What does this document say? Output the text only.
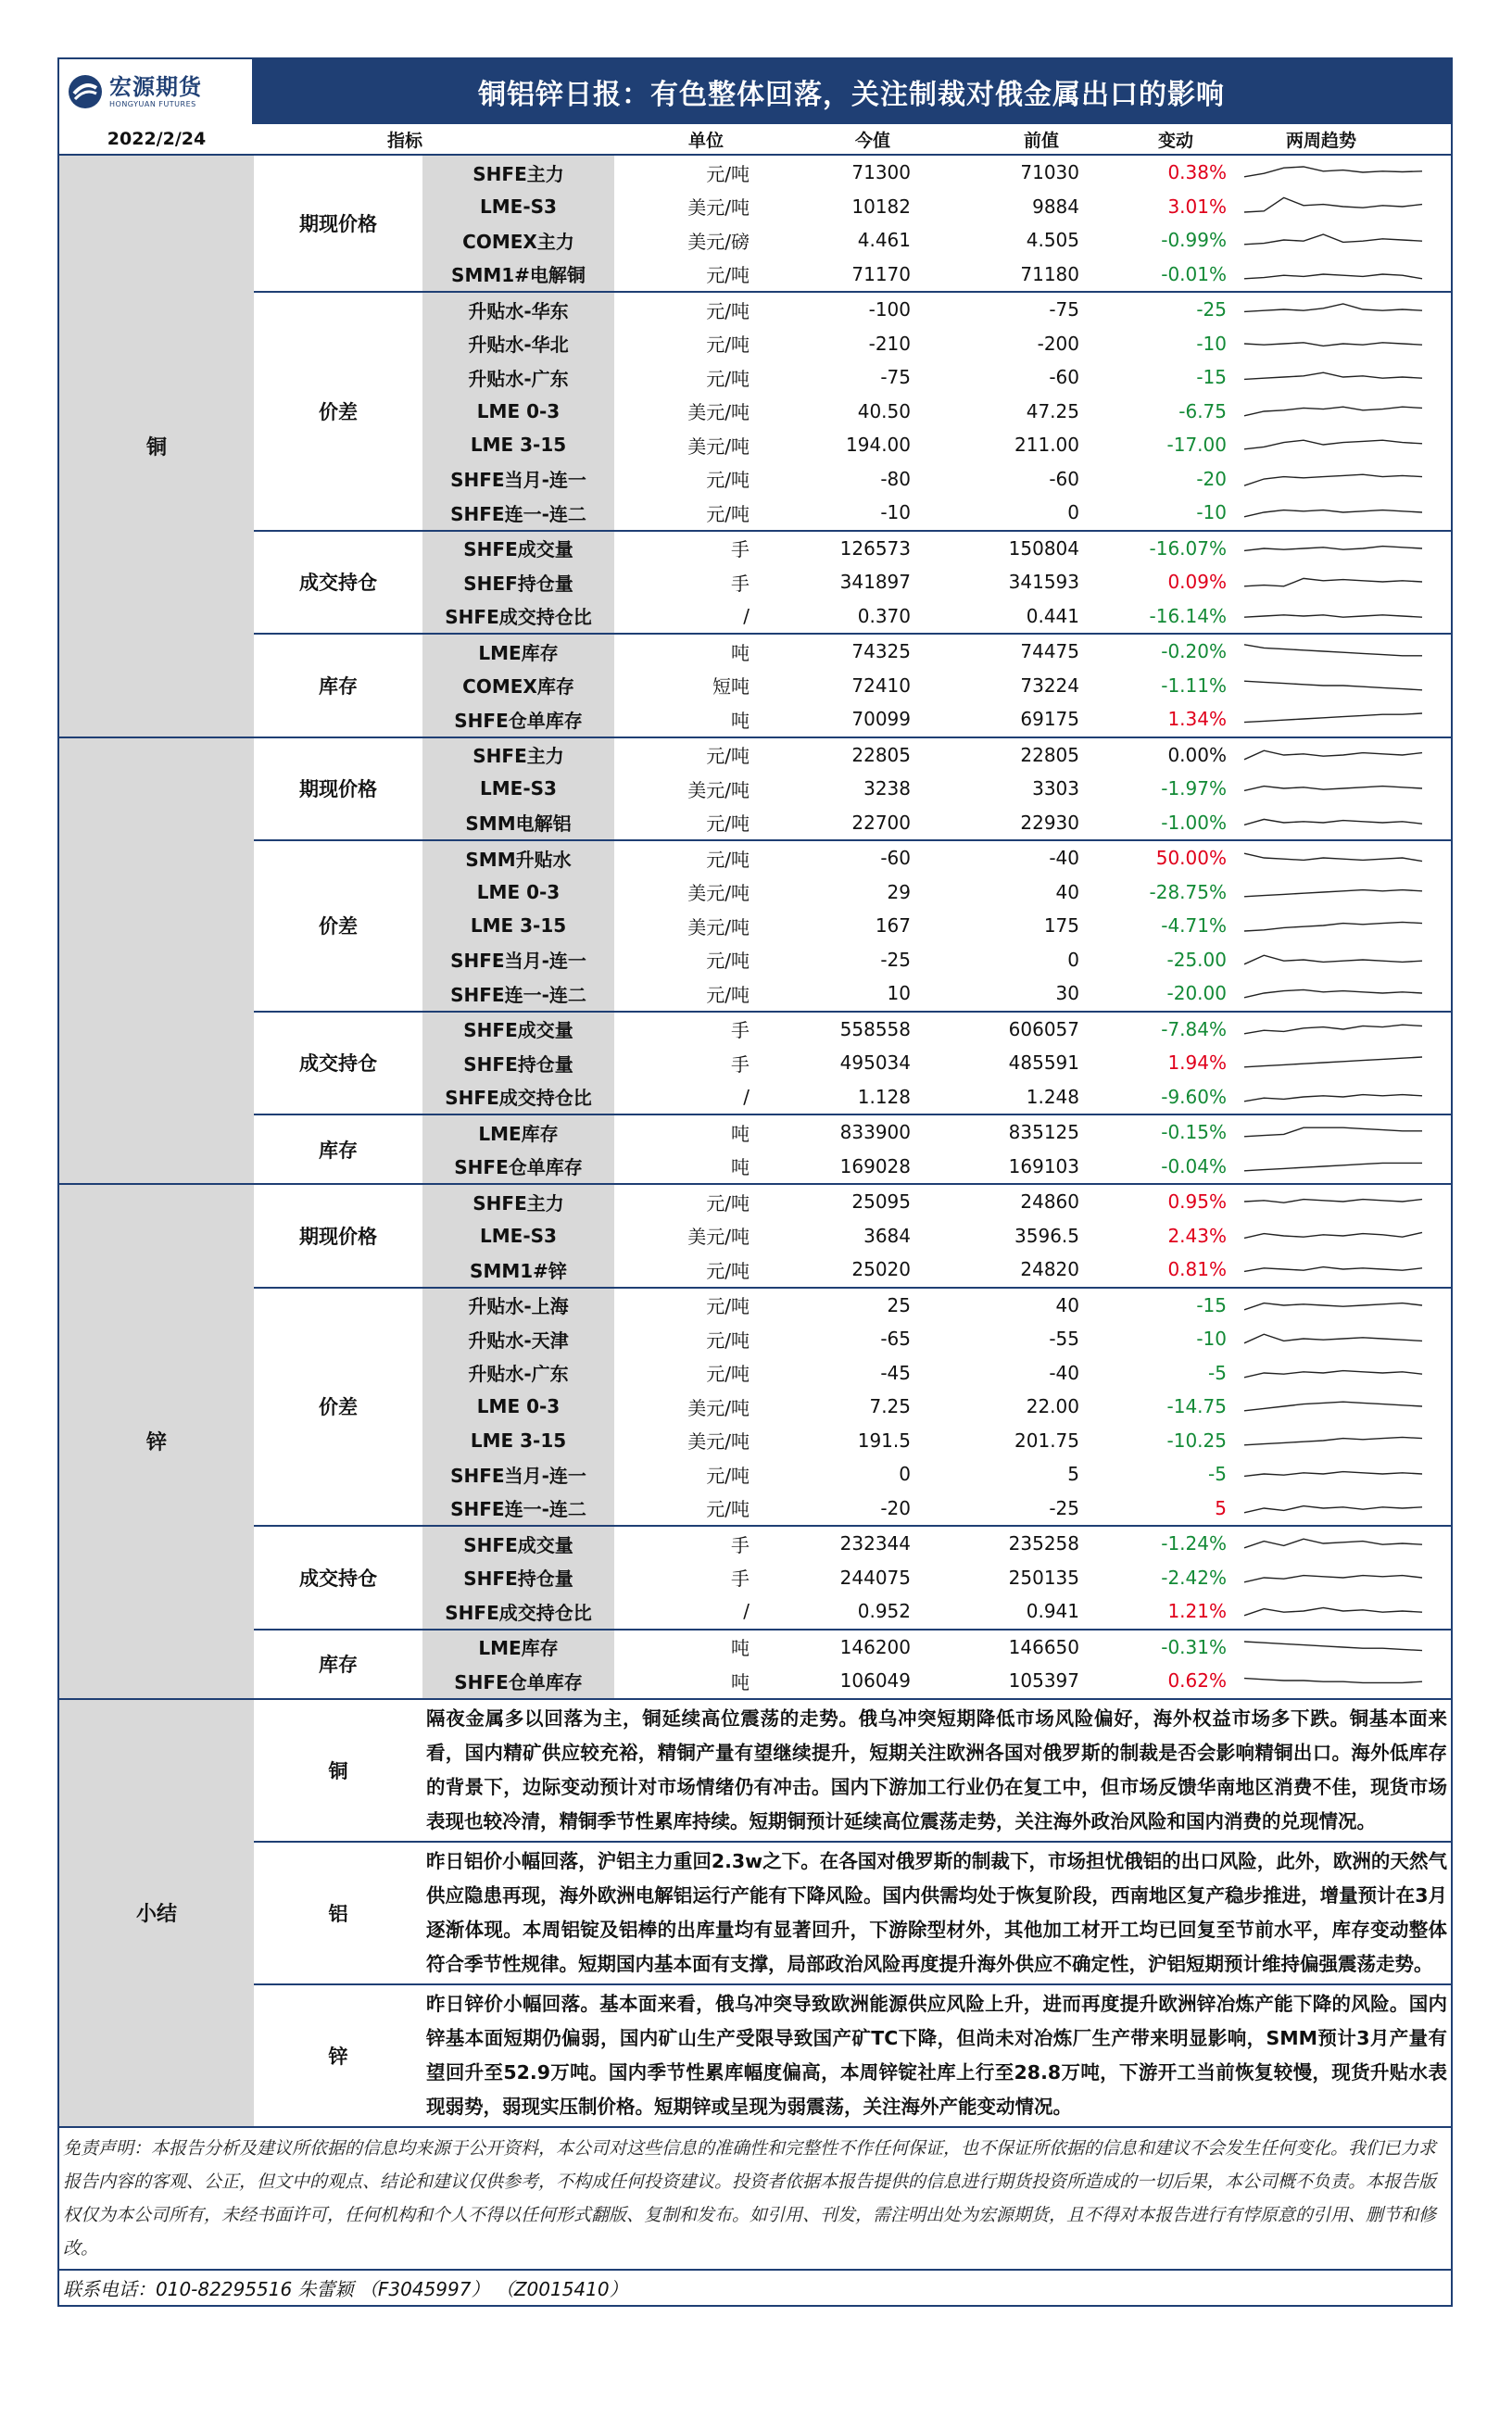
宏源期货
HONGYUAN FUTURES	铜铝锌日报：有色整体回落，关注制裁对俄金属出口的影响
2022/2/24	指标	单位	今值	前值	变动	两周趋势
铜
期现价格
SHFE主力	元/吨	71300	71030	0.38%
LME-S3	美元/吨	10182	9884	3.01%
COMEX主力	美元/磅	4.461	4.505	-0.99%
SMM1#电解铜	元/吨	71170	71180	-0.01%
价差
升贴水-华东	元/吨	-100	-75	-25
升贴水-华北	元/吨	-210	-200	-10
升贴水-广东	元/吨	-75	-60	-15
LME 0-3	美元/吨	40.50	47.25	-6.75
LME 3-15	美元/吨	194.00	211.00	-17.00
SHFE当月-连一	元/吨	-80	-60	-20
SHFE连一-连二	元/吨	-10	0	-10
成交持仓
SHFE成交量	手	126573	150804	-16.07%
SHEF持仓量	手	341897	341593	0.09%
SHFE成交持仓比	/	0.370	0.441	-16.14%
库存
LME库存	吨	74325	74475	-0.20%
COMEX库存	短吨	72410	73224	-1.11%
SHFE仓单库存	吨	70099	69175	1.34%
期现价格
SHFE主力	元/吨	22805	22805	0.00%
LME-S3	美元/吨	3238	3303	-1.97%
SMM电解铝	元/吨	22700	22930	-1.00%
价差
SMM升贴水	元/吨	-60	-40	50.00%
LME 0-3	美元/吨	29	40	-28.75%
LME 3-15	美元/吨	167	175	-4.71%
SHFE当月-连一	元/吨	-25	0	-25.00
SHFE连一-连二	元/吨	10	30	-20.00
成交持仓
SHFE成交量	手	558558	606057	-7.84%
SHFE持仓量	手	495034	485591	1.94%
SHFE成交持仓比	/	1.128	1.248	-9.60%
库存
LME库存	吨	833900	835125	-0.15%
SHFE仓单库存	吨	169028	169103	-0.04%
锌
期现价格
SHFE主力	元/吨	25095	24860	0.95%
LME-S3	美元/吨	3684	3596.5	2.43%
SMM1#锌	元/吨	25020	24820	0.81%
价差
升贴水-上海	元/吨	25	40	-15
升贴水-天津	元/吨	-65	-55	-10
升贴水-广东	元/吨	-45	-40	-5
LME 0-3	美元/吨	7.25	22.00	-14.75
LME 3-15	美元/吨	191.5	201.75	-10.25
SHFE当月-连一	元/吨	0	5	-5
SHFE连一-连二	元/吨	-20	-25	5
成交持仓
SHFE成交量	手	232344	235258	-1.24%
SHFE持仓量	手	244075	250135	-2.42%
SHFE成交持仓比	/	0.952	0.941	1.21%
库存
LME库存	吨	146200	146650	-0.31%
SHFE仓单库存	吨	106049	105397	0.62%
小结
铜
隔夜金属多以回落为主，铜延续高位震荡的走势。俄乌冲突短期降低市场风险偏好，海外权益市场多下跌。铜基本面来看，国内精矿供应较充裕，精铜产量有望继续提升，短期关注欧洲各国对俄罗斯的制裁是否会影响精铜出口。海外低库存的背景下，边际变动预计对市场情绪仍有冲击。国内下游加工行业仍在复工中，但市场反馈华南地区消费不佳，现货市场表现也较冷清，精铜季节性累库持续。短期铜预计延续高位震荡走势，关注海外政治风险和国内消费的兑现情况。
铝
昨日铝价小幅回落，沪铝主力重回2.3w之下。在各国对俄罗斯的制裁下，市场担忧俄铝的出口风险，此外，欧洲的天然气供应隐患再现，海外欧洲电解铝运行产能有下降风险。国内供需均处于恢复阶段，西南地区复产稳步推进，增量预计在3月逐渐体现。本周铝锭及铝棒的出库量均有显著回升，下游除型材外，其他加工材开工均已回复至节前水平，库存变动整体符合季节性规律。短期国内基本面有支撑，局部政治风险再度提升海外供应不确定性，沪铝短期预计维持偏强震荡走势。
锌
昨日锌价小幅回落。基本面来看，俄乌冲突导致欧洲能源供应风险上升，进而再度提升欧洲锌冶炼产能下降的风险。国内锌基本面短期仍偏弱，国内矿山生产受限导致国产矿TC下降，但尚未对冶炼厂生产带来明显影响，SMM预计3月产量有望回升至52.9万吨。国内季节性累库幅度偏高，本周锌锭社库上行至28.8万吨，下游开工当前恢复较慢，现货升贴水表现弱势，弱现实压制价格。短期锌或呈现为弱震荡，关注海外产能变动情况。
免责声明：本报告分析及建议所依据的信息均来源于公开资料，本公司对这些信息的准确性和完整性不作任何保证，也不保证所依据的信息和建议不会发生任何变化。我们已力求报告内容的客观、公正，但文中的观点、结论和建议仅供参考，不构成任何投资建议。投资者依据本报告提供的信息进行期货投资所造成的一切后果，本公司概不负责。本报告版权仅为本公司所有，未经书面许可，任何机构和个人不得以任何形式翻版、复制和发布。如引用、刊发，需注明出处为宏源期货，且不得对本报告进行有悖原意的引用、删节和修改。
联系电话：010-82295516 朱蕾颖 （F3045997） （Z0015410）
